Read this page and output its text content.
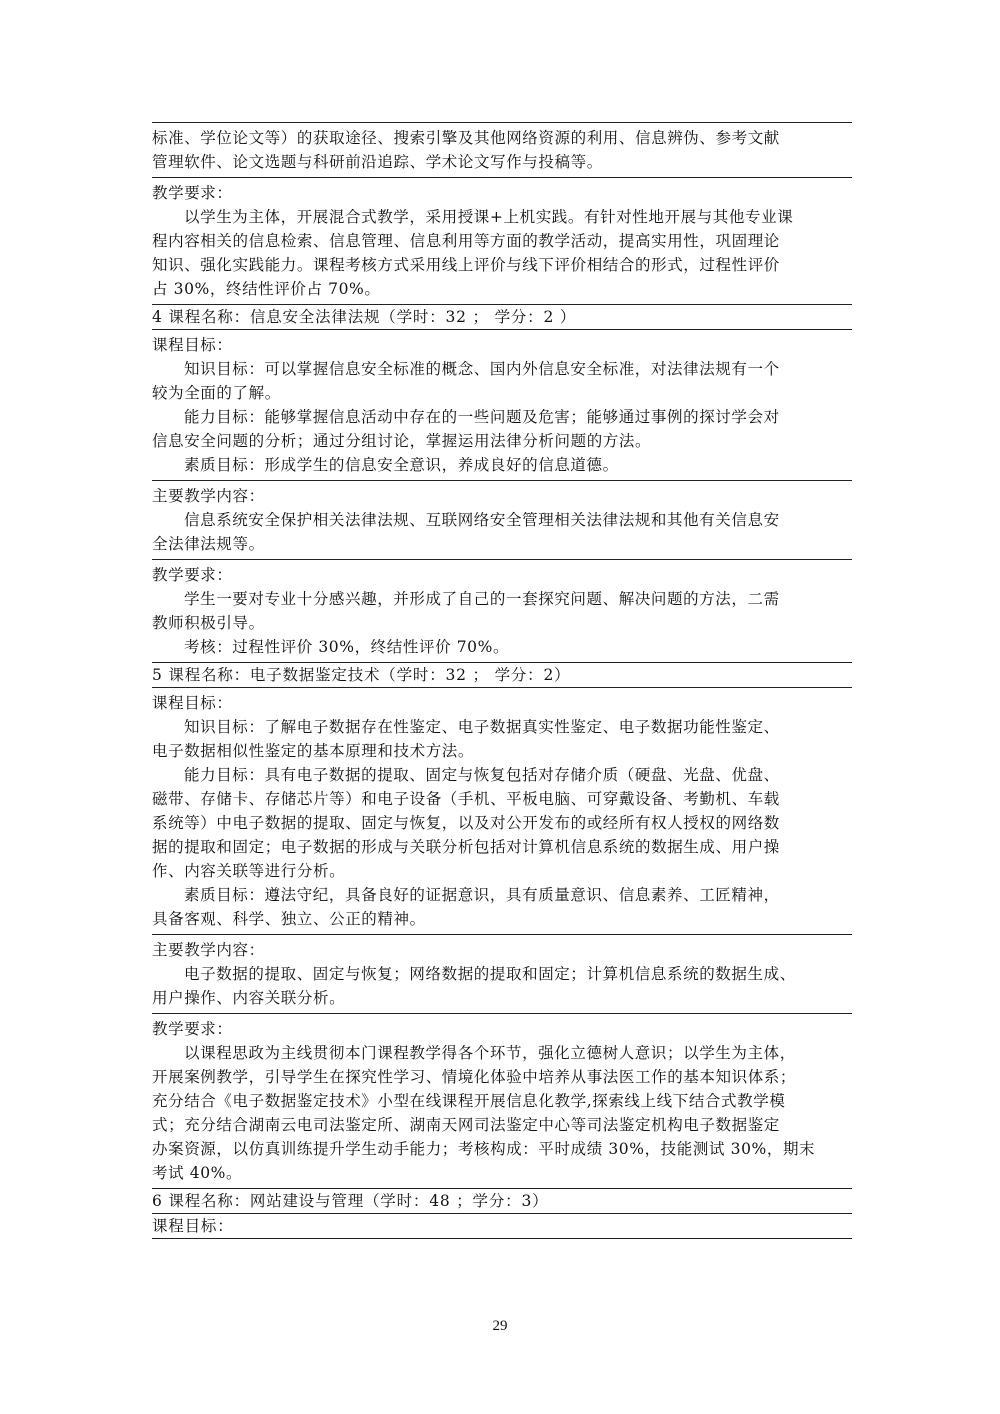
标准、学位论文等）的获取途径、搜索引擎及其他网络资源的利用、信息辨伪、参考文献
管理软件、论文选题与科研前沿追踪、学术论文写作与投稿等。
教学要求：
以学生为主体，开展混合式教学，采用授课+上机实践。有针对性地开展与其他专业课
程内容相关的信息检索、信息管理、信息利用等方面的教学活动，提高实用性，巩固理论
知识、强化实践能力。课程考核方式采用线上评价与线下评价相结合的形式，过程性评价
占 30%，终结性评价占 70%。
4 课程名称：信息安全法律法规（学时：32 ； 学分：2 ）
课程目标：
知识目标：可以掌握信息安全标准的概念、国内外信息安全标准，对法律法规有一个
较为全面的了解。
能力目标：能够掌握信息活动中存在的一些问题及危害；能够通过事例的探讨学会对
信息安全问题的分析；通过分组讨论，掌握运用法律分析问题的方法。
素质目标：形成学生的信息安全意识，养成良好的信息道德。
主要教学内容：
信息系统安全保护相关法律法规、互联网络安全管理相关法律法规和其他有关信息安
全法律法规等。
教学要求：
学生一要对专业十分感兴趣，并形成了自己的一套探究问题、解决问题的方法，二需
教师积极引导。
考核：过程性评价 30%，终结性评价 70%。
5 课程名称：电子数据鉴定技术（学时：32 ； 学分：2）
课程目标：
知识目标：了解电子数据存在性鉴定、电子数据真实性鉴定、电子数据功能性鉴定、
电子数据相似性鉴定的基本原理和技术方法。
能力目标：具有电子数据的提取、固定与恢复包括对存储介质（硬盘、光盘、优盘、
磁带、存储卡、存储芯片等）和电子设备（手机、平板电脑、可穿戴设备、考勤机、车载
系统等）中电子数据的提取、固定与恢复，以及对公开发布的或经所有权人授权的网络数
据的提取和固定；电子数据的形成与关联分析包括对计算机信息系统的数据生成、用户操
作、内容关联等进行分析。
素质目标：遵法守纪，具备良好的证据意识，具有质量意识、信息素养、工匠精神，
具备客观、科学、独立、公正的精神。
主要教学内容：
电子数据的提取、固定与恢复；网络数据的提取和固定；计算机信息系统的数据生成、
用户操作、内容关联分析。
教学要求：
以课程思政为主线贯彻本门课程教学得各个环节，强化立德树人意识；以学生为主体，
开展案例教学，引导学生在探究性学习、情境化体验中培养从事法医工作的基本知识体系；
充分结合《电子数据鉴定技术》小型在线课程开展信息化教学,探索线上线下结合式教学模
式；充分结合湖南云电司法鉴定所、湖南天网司法鉴定中心等司法鉴定机构电子数据鉴定
办案资源，以仿真训练提升学生动手能力；考核构成：平时成绩 30%，技能测试 30%，期末
考试 40%。
6 课程名称：网站建设与管理（学时：48 ；学分：3）
课程目标：
29
